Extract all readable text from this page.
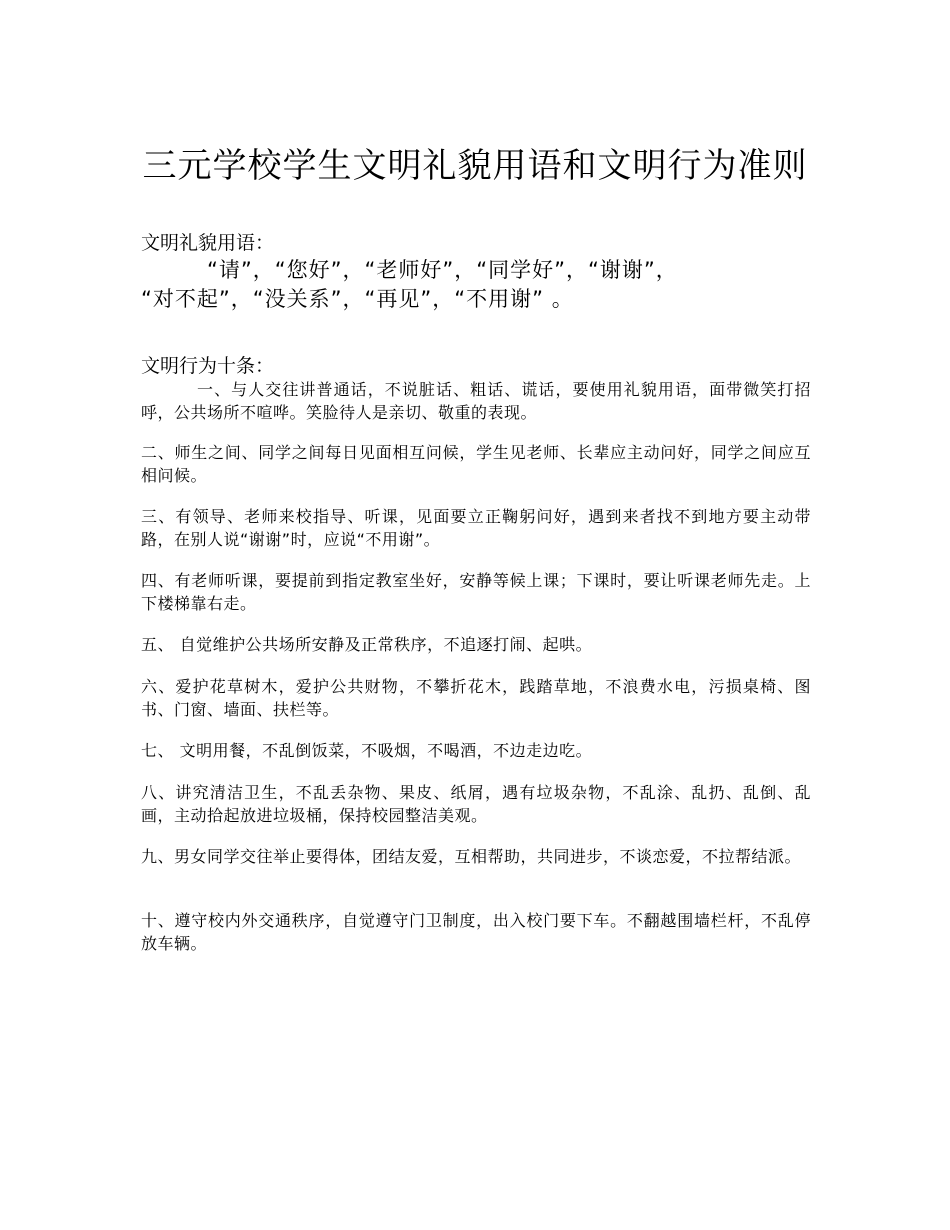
三元学校学生文明礼貌用语和文明行为准则
文明礼貌用语：
“请”，“您好”，“老师好”，“同学好”，“谢谢”，
“对不起”，“没关系”，“再见”，“不用谢” 。
文明行为十条：
一、与人交往讲普通话，不说脏话、粗话、谎话，要使用礼貌用语，面带微笑打招呼，公共场所不喧哗。笑脸待人是亲切、敬重的表现。
二、师生之间、同学之间每日见面相互问候，学生见老师、长辈应主动问好，同学之间应互相问候。
三、有领导、老师来校指导、听课，见面要立正鞠躬问好，遇到来者找不到地方要主动带路，在别人说“谢谢”时，应说“不用谢”。
四、有老师听课，要提前到指定教室坐好，安静等候上课；下课时，要让听课老师先走。上下楼梯靠右走。
五、 自觉维护公共场所安静及正常秩序，不追逐打闹、起哄。
六、爱护花草树木，爱护公共财物，不攀折花木，践踏草地，不浪费水电，污损桌椅、图书、门窗、墙面、扶栏等。
七、 文明用餐，不乱倒饭菜，不吸烟，不喝酒，不边走边吃。
八、讲究清洁卫生，不乱丢杂物、果皮、纸屑，遇有垃圾杂物，不乱涂、乱扔、乱倒、乱画，主动拾起放进垃圾桶，保持校园整洁美观。
九、男女同学交往举止要得体，团结友爱，互相帮助，共同进步，不谈恋爱，不拉帮结派。
十、遵守校内外交通秩序，自觉遵守门卫制度，出入校门要下车。不翻越围墙栏杆，不乱停放车辆。
